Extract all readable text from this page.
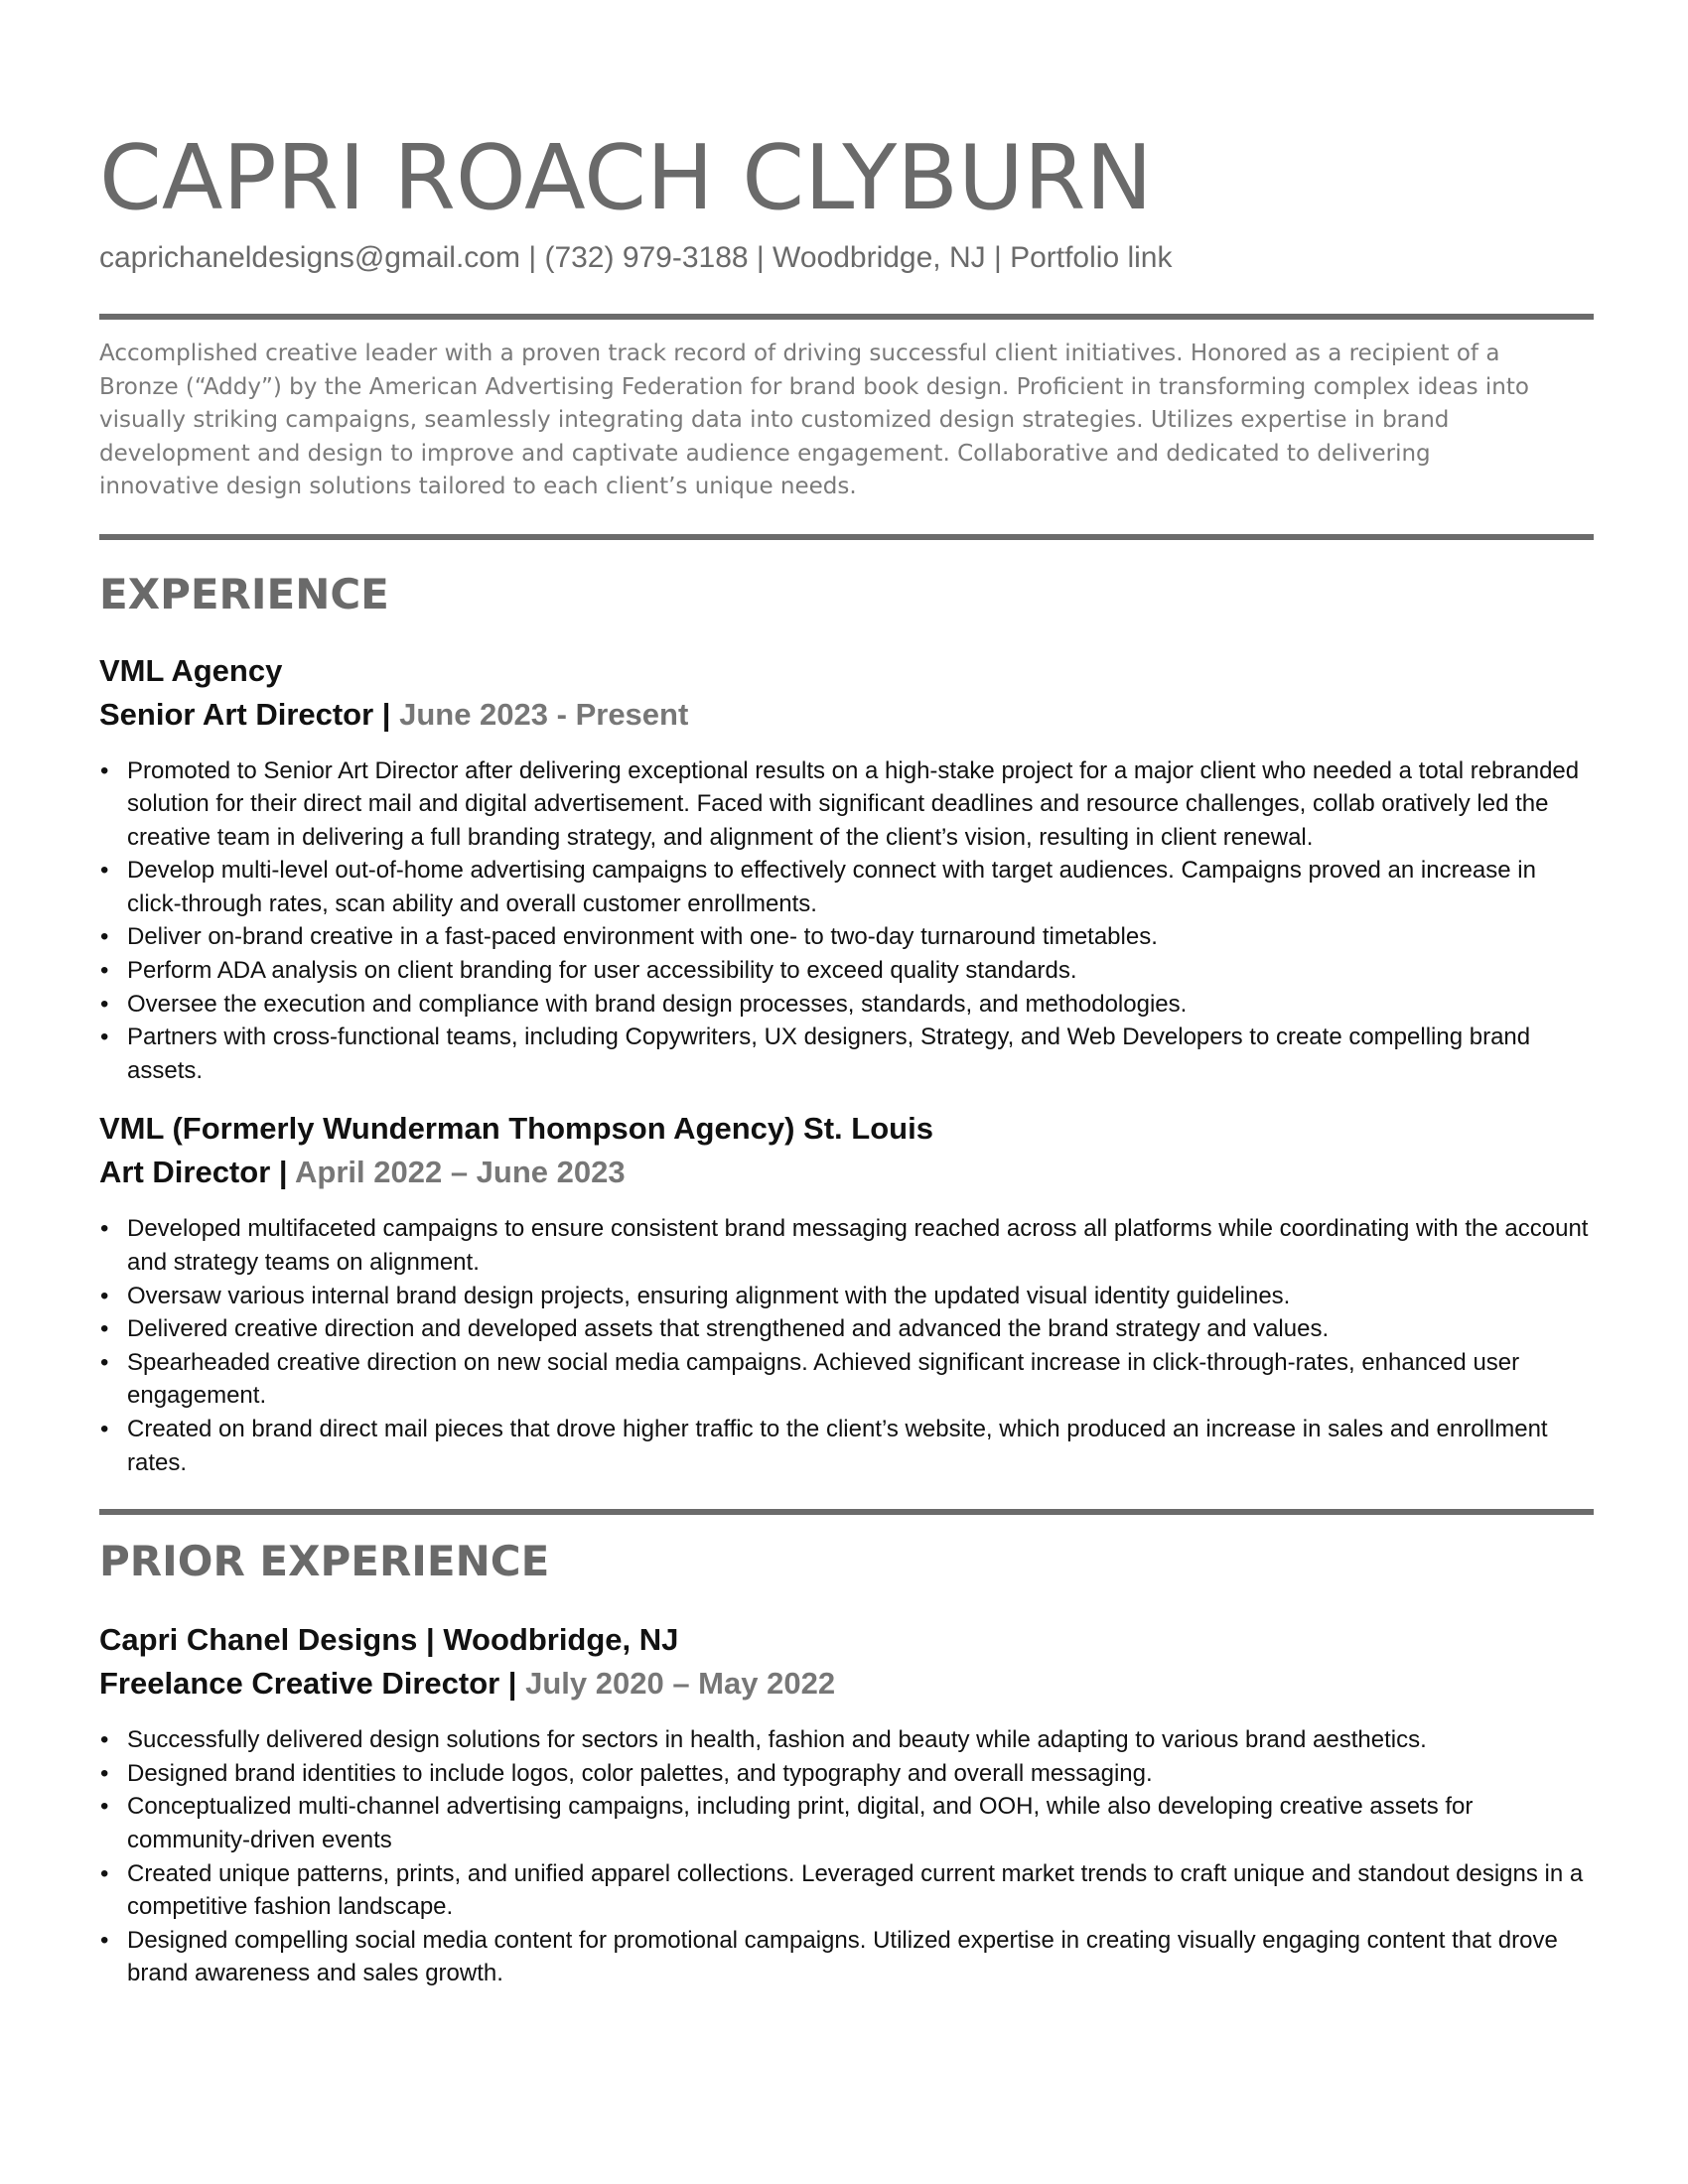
CAPRI ROACH CLYBURN
caprichaneldesigns@gmail.com | (732) 979-3188 | Woodbridge, NJ | Portfolio link
Accomplished creative leader with a proven track record of driving successful client initiatives. Honored as a recipient of a Bronze (“Addy”) by the American Advertising Federation for brand book design. Proficient in transforming complex ideas into visually striking campaigns, seamlessly integrating data into customized design strategies. Utilizes expertise in brand development and design to improve and captivate audience engagement. Collaborative and dedicated to delivering innovative design solutions tailored to each client’s unique needs.
EXPERIENCE
VML Agency
Senior Art Director | June 2023 - Present
• Promoted to Senior Art Director after delivering exceptional results on a high-stake project for a major client who needed a total rebranded solution for their direct mail and digital advertisement. Faced with significant deadlines and resource challenges, collab oratively led the creative team in delivering a full branding strategy, and alignment of the client’s vision, resulting in client renewal.
• Develop multi-level out-of-home advertising campaigns to effectively connect with target audiences. Campaigns proved an increase in click-through rates, scan ability and overall customer enrollments.
• Deliver on-brand creative in a fast-paced environment with one- to two-day turnaround timetables.
• Perform ADA analysis on client branding for user accessibility to exceed quality standards.
• Oversee the execution and compliance with brand design processes, standards, and methodologies.
• Partners with cross-functional teams, including Copywriters, UX designers, Strategy, and Web Developers to create compelling brand assets.
VML (Formerly Wunderman Thompson Agency) St. Louis
Art Director | April 2022 – June 2023
• Developed multifaceted campaigns to ensure consistent brand messaging reached across all platforms while coordinating with the account and strategy teams on alignment.
• Oversaw various internal brand design projects, ensuring alignment with the updated visual identity guidelines.
• Delivered creative direction and developed assets that strengthened and advanced the brand strategy and values.
• Spearheaded creative direction on new social media campaigns. Achieved significant increase in click-through-rates, enhanced user engagement.
• Created on brand direct mail pieces that drove higher traffic to the client’s website, which produced an increase in sales and enrollment rates.
PRIOR EXPERIENCE
Capri Chanel Designs | Woodbridge, NJ
Freelance Creative Director | July 2020 – May 2022
• Successfully delivered design solutions for sectors in health, fashion and beauty while adapting to various brand aesthetics.
• Designed brand identities to include logos, color palettes, and typography and overall messaging.
• Conceptualized multi-channel advertising campaigns, including print, digital, and OOH, while also developing creative assets for community-driven events
• Created unique patterns, prints, and unified apparel collections. Leveraged current market trends to craft unique and standout designs in a competitive fashion landscape.
• Designed compelling social media content for promotional campaigns. Utilized expertise in creating visually engaging content that drove brand awareness and sales growth.
